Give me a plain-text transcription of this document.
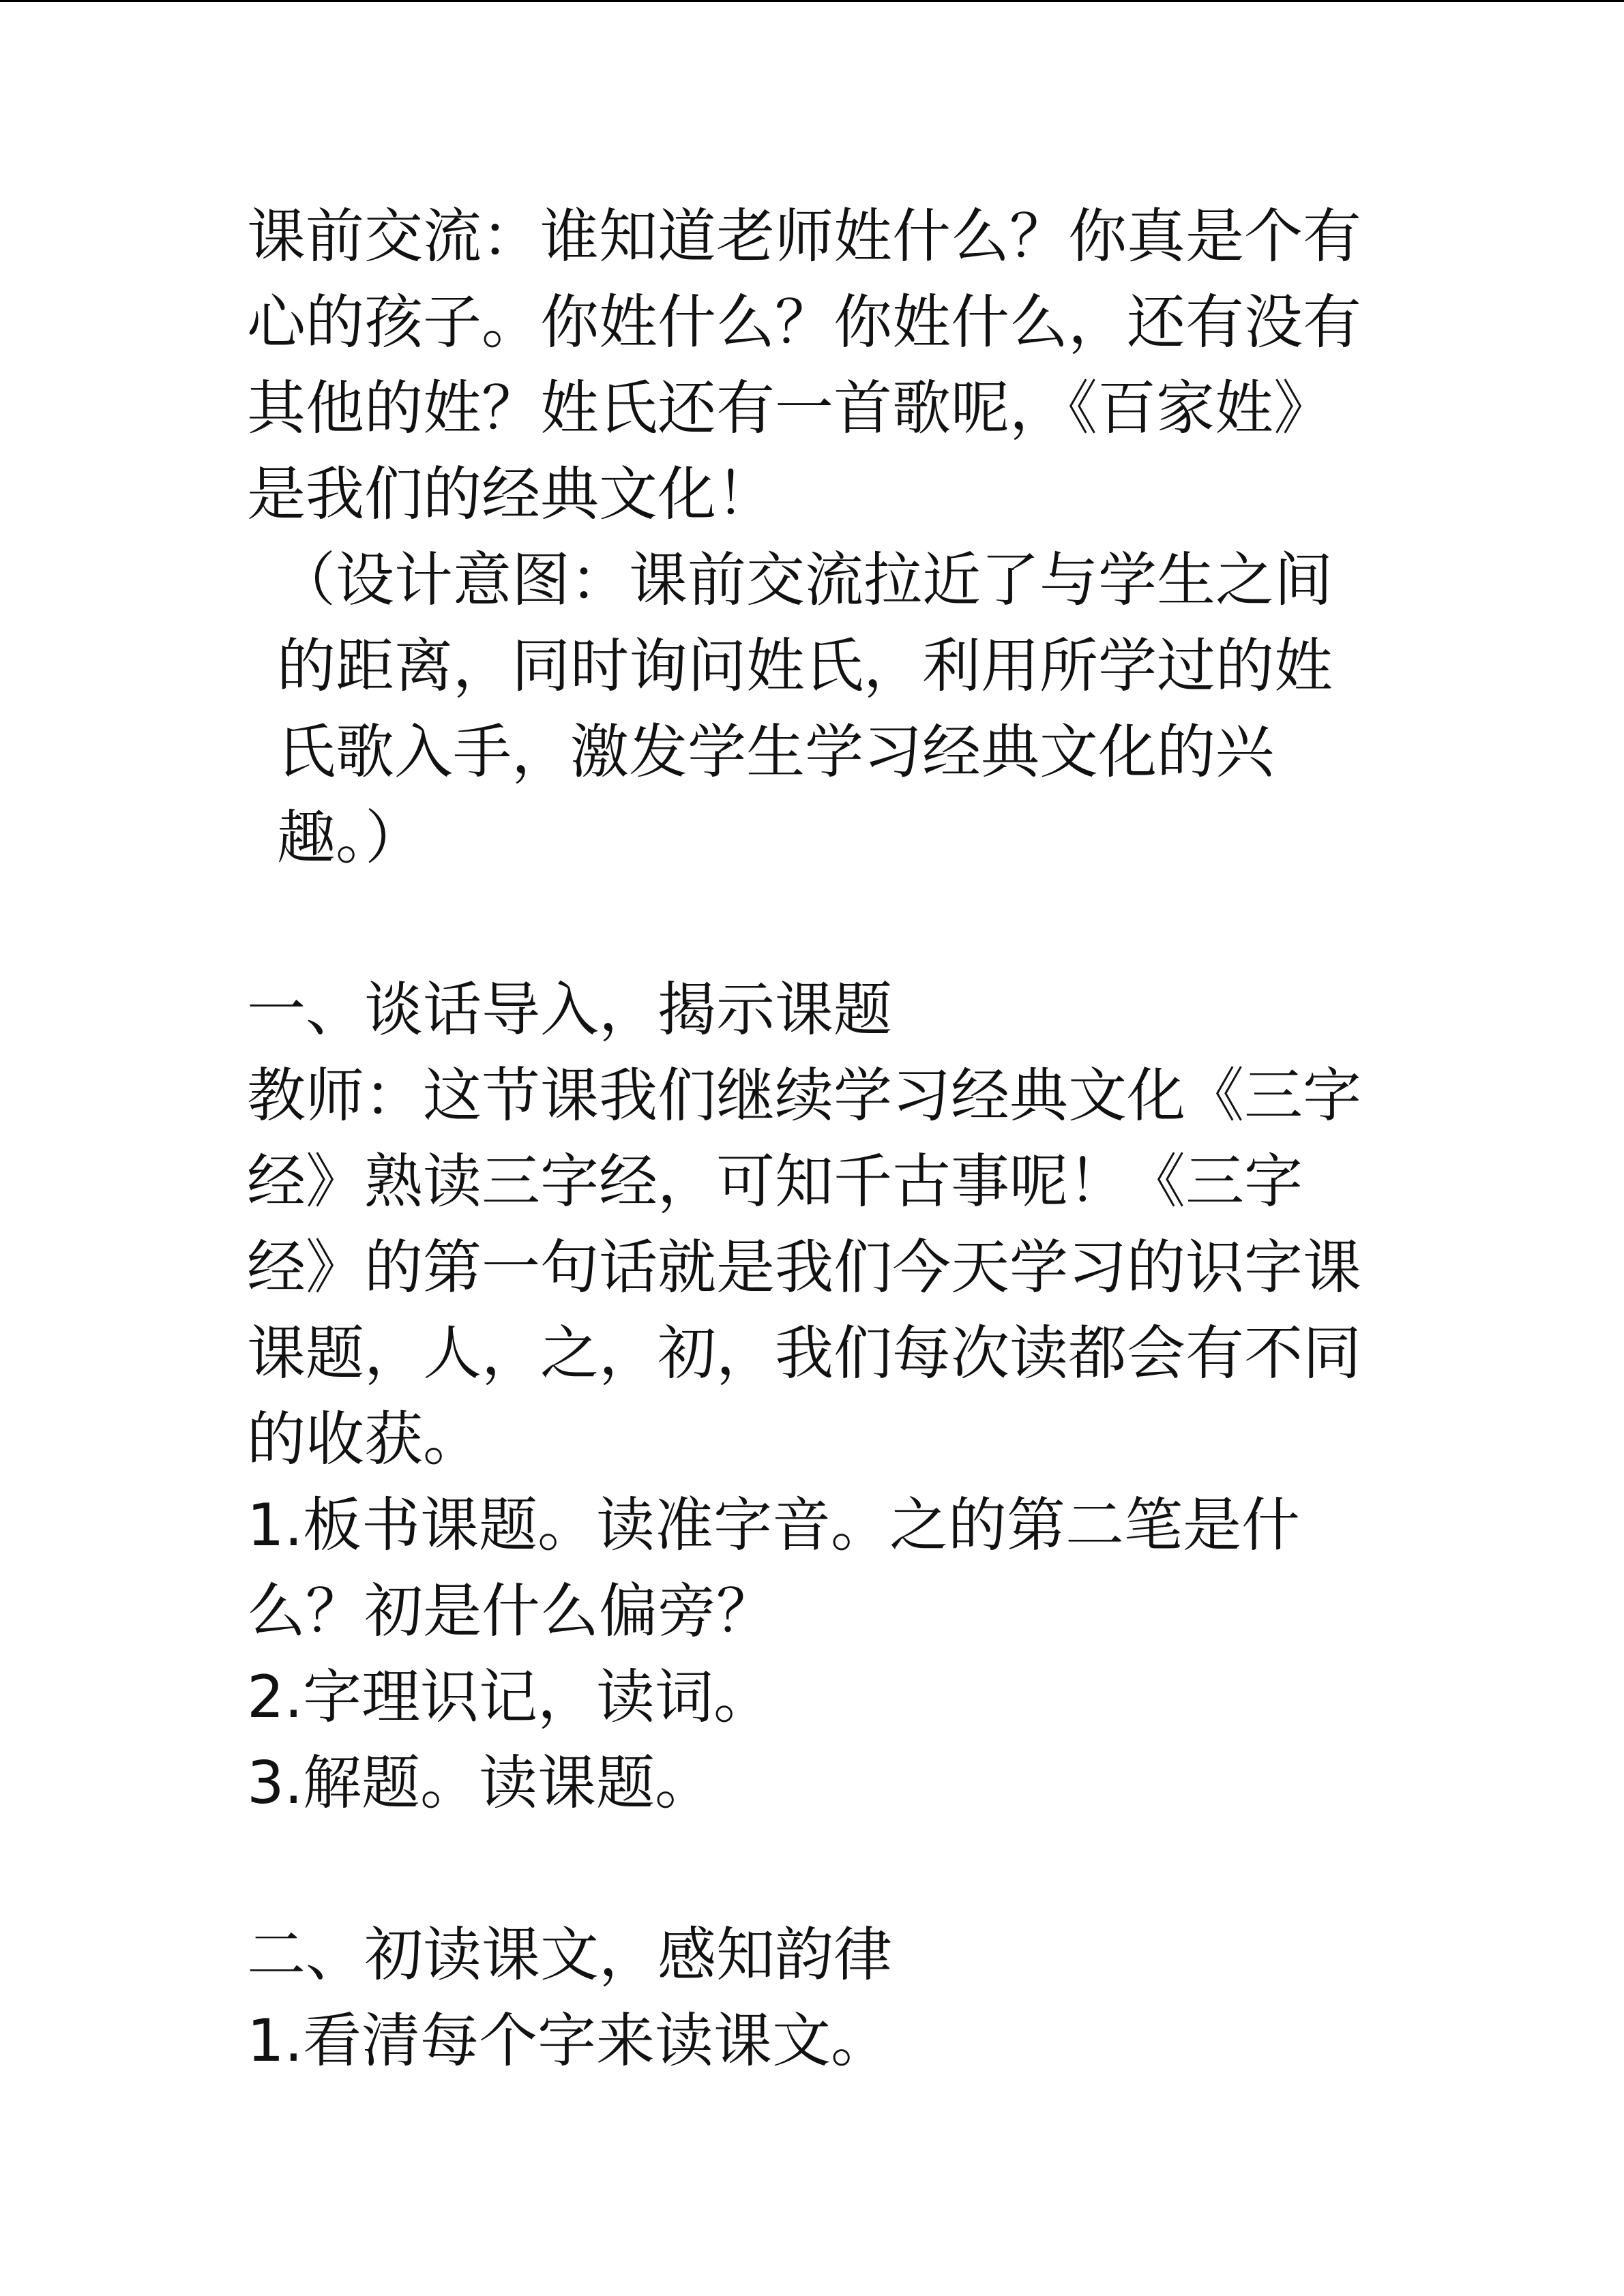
课前交流：谁知道老师姓什么？你真是个有心的孩子。你姓什么？你姓什么，还有没有其他的姓？姓氏还有一首歌呢，《百家姓》是我们的经典文化！

（设计意图：课前交流拉近了与学生之间的距离，同时询问姓氏，利用所学过的姓氏歌入手，激发学生学习经典文化的兴趣。）

一、谈话导入，揭示课题

教师：这节课我们继续学习经典文化《三字经》熟读三字经，可知千古事呢！《三字经》的第一句话就是我们今天学习的识字课课题，人，之，初，我们每次读都会有不同的收获。

1.板书课题。读准字音。之的第二笔是什么？初是什么偏旁？

2.字理识记，读词。

3.解题。读课题。

二、初读课文，感知韵律

1.看清每个字来读课文。
